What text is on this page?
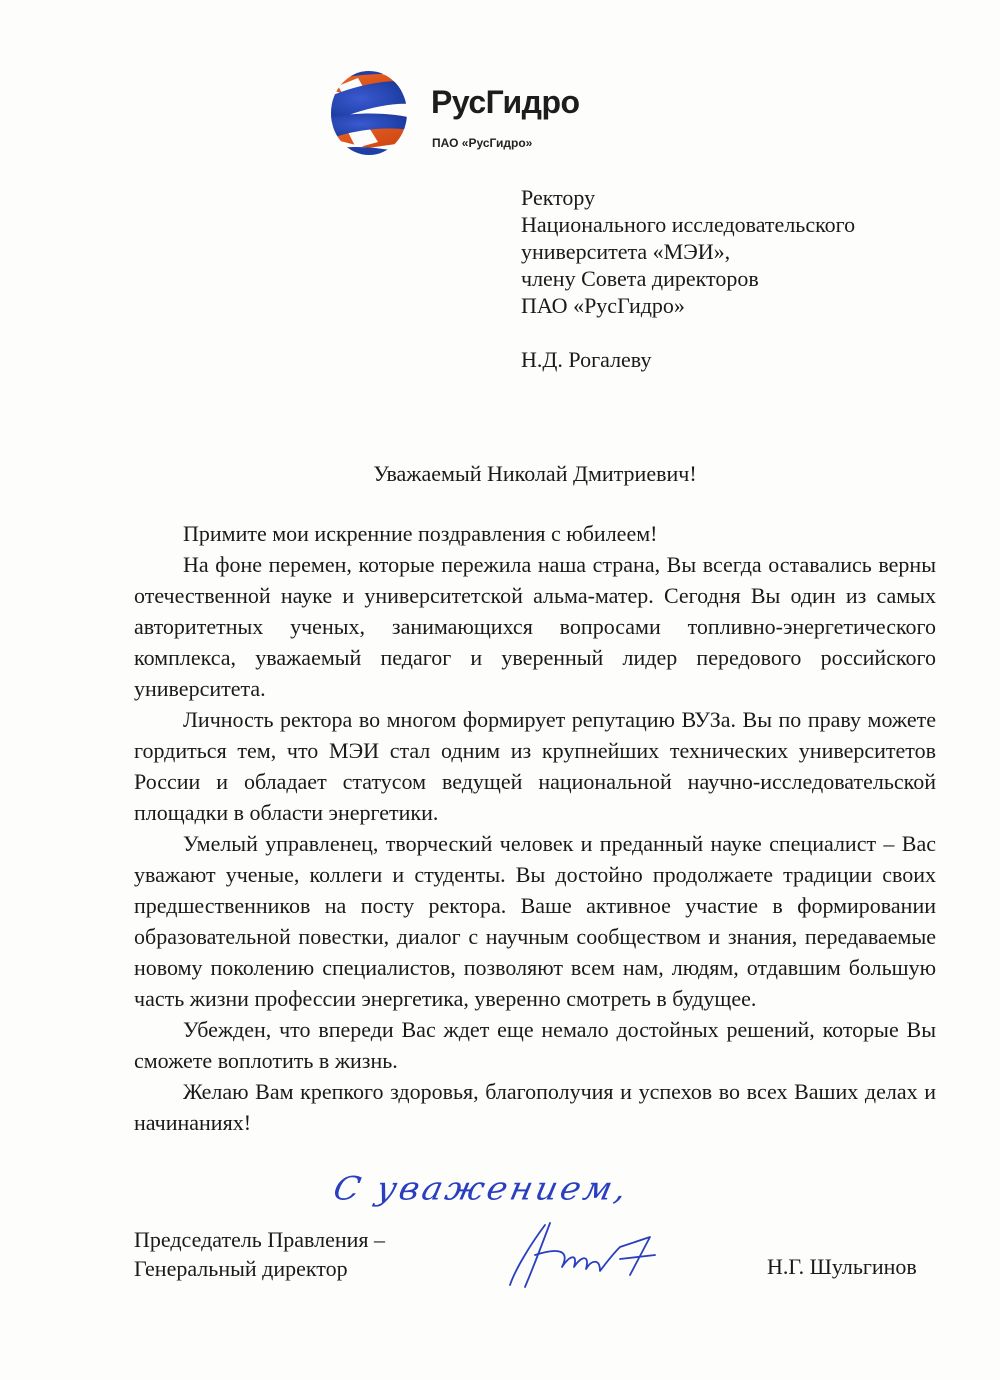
РусГидро
ПАО «РусГидро»
Ректору
Национального исследовательского
университета «МЭИ»,
члену Совета директоров
ПАО «РусГидро»
Н.Д. Рогалеву
Уважаемый Николай Дмитриевич!

Примите мои искренние поздравления с юбилеем!

На фоне перемен, которые пережила наша страна, Вы всегда оставались верны отечественной науке и университетской альма-матер. Сегодня Вы один из самых авторитетных ученых, занимающихся вопросами топливно-энергетического комплекса, уважаемый педагог и уверенный лидер передового российского университета.

Личность ректора во многом формирует репутацию ВУЗа. Вы по праву можете гордиться тем, что МЭИ стал одним из крупнейших технических университетов России и обладает статусом ведущей национальной научно-исследовательской площадки в области энергетики.

Умелый управленец, творческий человек и преданный науке специалист – Вас уважают ученые, коллеги и студенты. Вы достойно продолжаете традиции своих предшественников на посту ректора. Ваше активное участие в формировании образовательной повестки, диалог с научным сообществом и знания, передаваемые новому поколению специалистов, позволяют всем нам, людям, отдавшим большую часть жизни профессии энергетика, уверенно смотреть в будущее.

Убежден, что впереди Вас ждет еще немало достойных решений, которые Вы сможете воплотить в жизнь.

Желаю Вам крепкого здоровья, благополучия и успехов во всех Ваших делах и начинаниях!

С уважением,
Председатель Правления –
Генеральный директор	Н.Г. Шульгинов
